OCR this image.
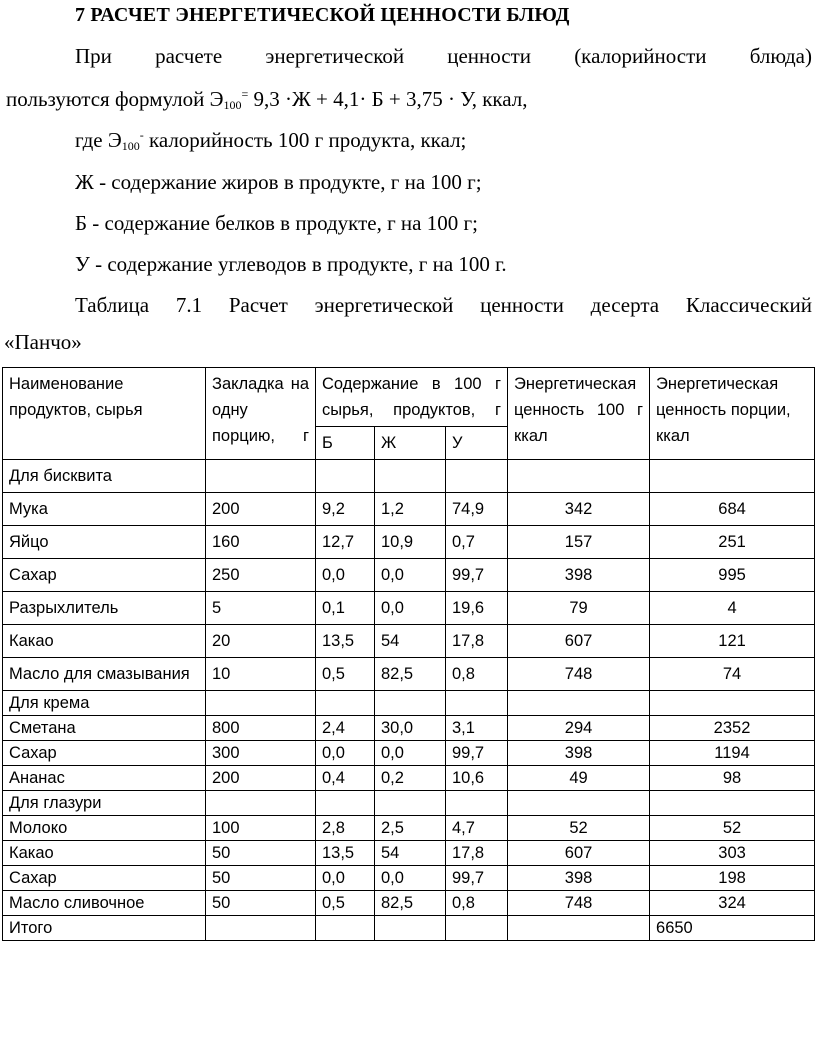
7 РАСЧЕТ ЭНЕРГЕТИЧЕСКОЙ ЦЕННОСТИ БЛЮД
При расчете энергетической ценности (калорийности блюда)
пользуются формулой $Э_{100}^=$ 9,3 ·Ж + 4,1· Б + 3,75 · У, ккал,
где $Э_{100}^-$ калорийность 100 г продукта, ккал;
Ж - содержание жиров в продукте, г на 100 г;
Б - содержание белков в продукте, г на 100 г;
У - содержание углеводов в продукте, г на 100 г.
Таблица 7.1 Расчет энергетической ценности десерта Классический
«Панчо»
Наименование продуктов, сырья	Закладка на одну порцию, г	Содержание в 100 г сырья, продуктов, г			Энергетическая ценность 100 г ккал	Энергетическая ценность порции, ккал
		Б	Ж	У		
Для бисквита						
Мука	200	9,2	1,2	74,9	342	684
Яйцо	160	12,7	10,9	0,7	157	251
Сахар	250	0,0	0,0	99,7	398	995
Разрыхлитель	5	0,1	0,0	19,6	79	4
Какао	20	13,5	54	17,8	607	121
Масло для смазывания	10	0,5	82,5	0,8	748	74
Для крема						
Сметана	800	2,4	30,0	3,1	294	2352
Сахар	300	0,0	0,0	99,7	398	1194
Ананас	200	0,4	0,2	10,6	49	98
Для глазури						
Молоко	100	2,8	2,5	4,7	52	52
Какао	50	13,5	54	17,8	607	303
Сахар	50	0,0	0,0	99,7	398	198
Масло сливочное	50	0,5	82,5	0,8	748	324
Итого						6650
